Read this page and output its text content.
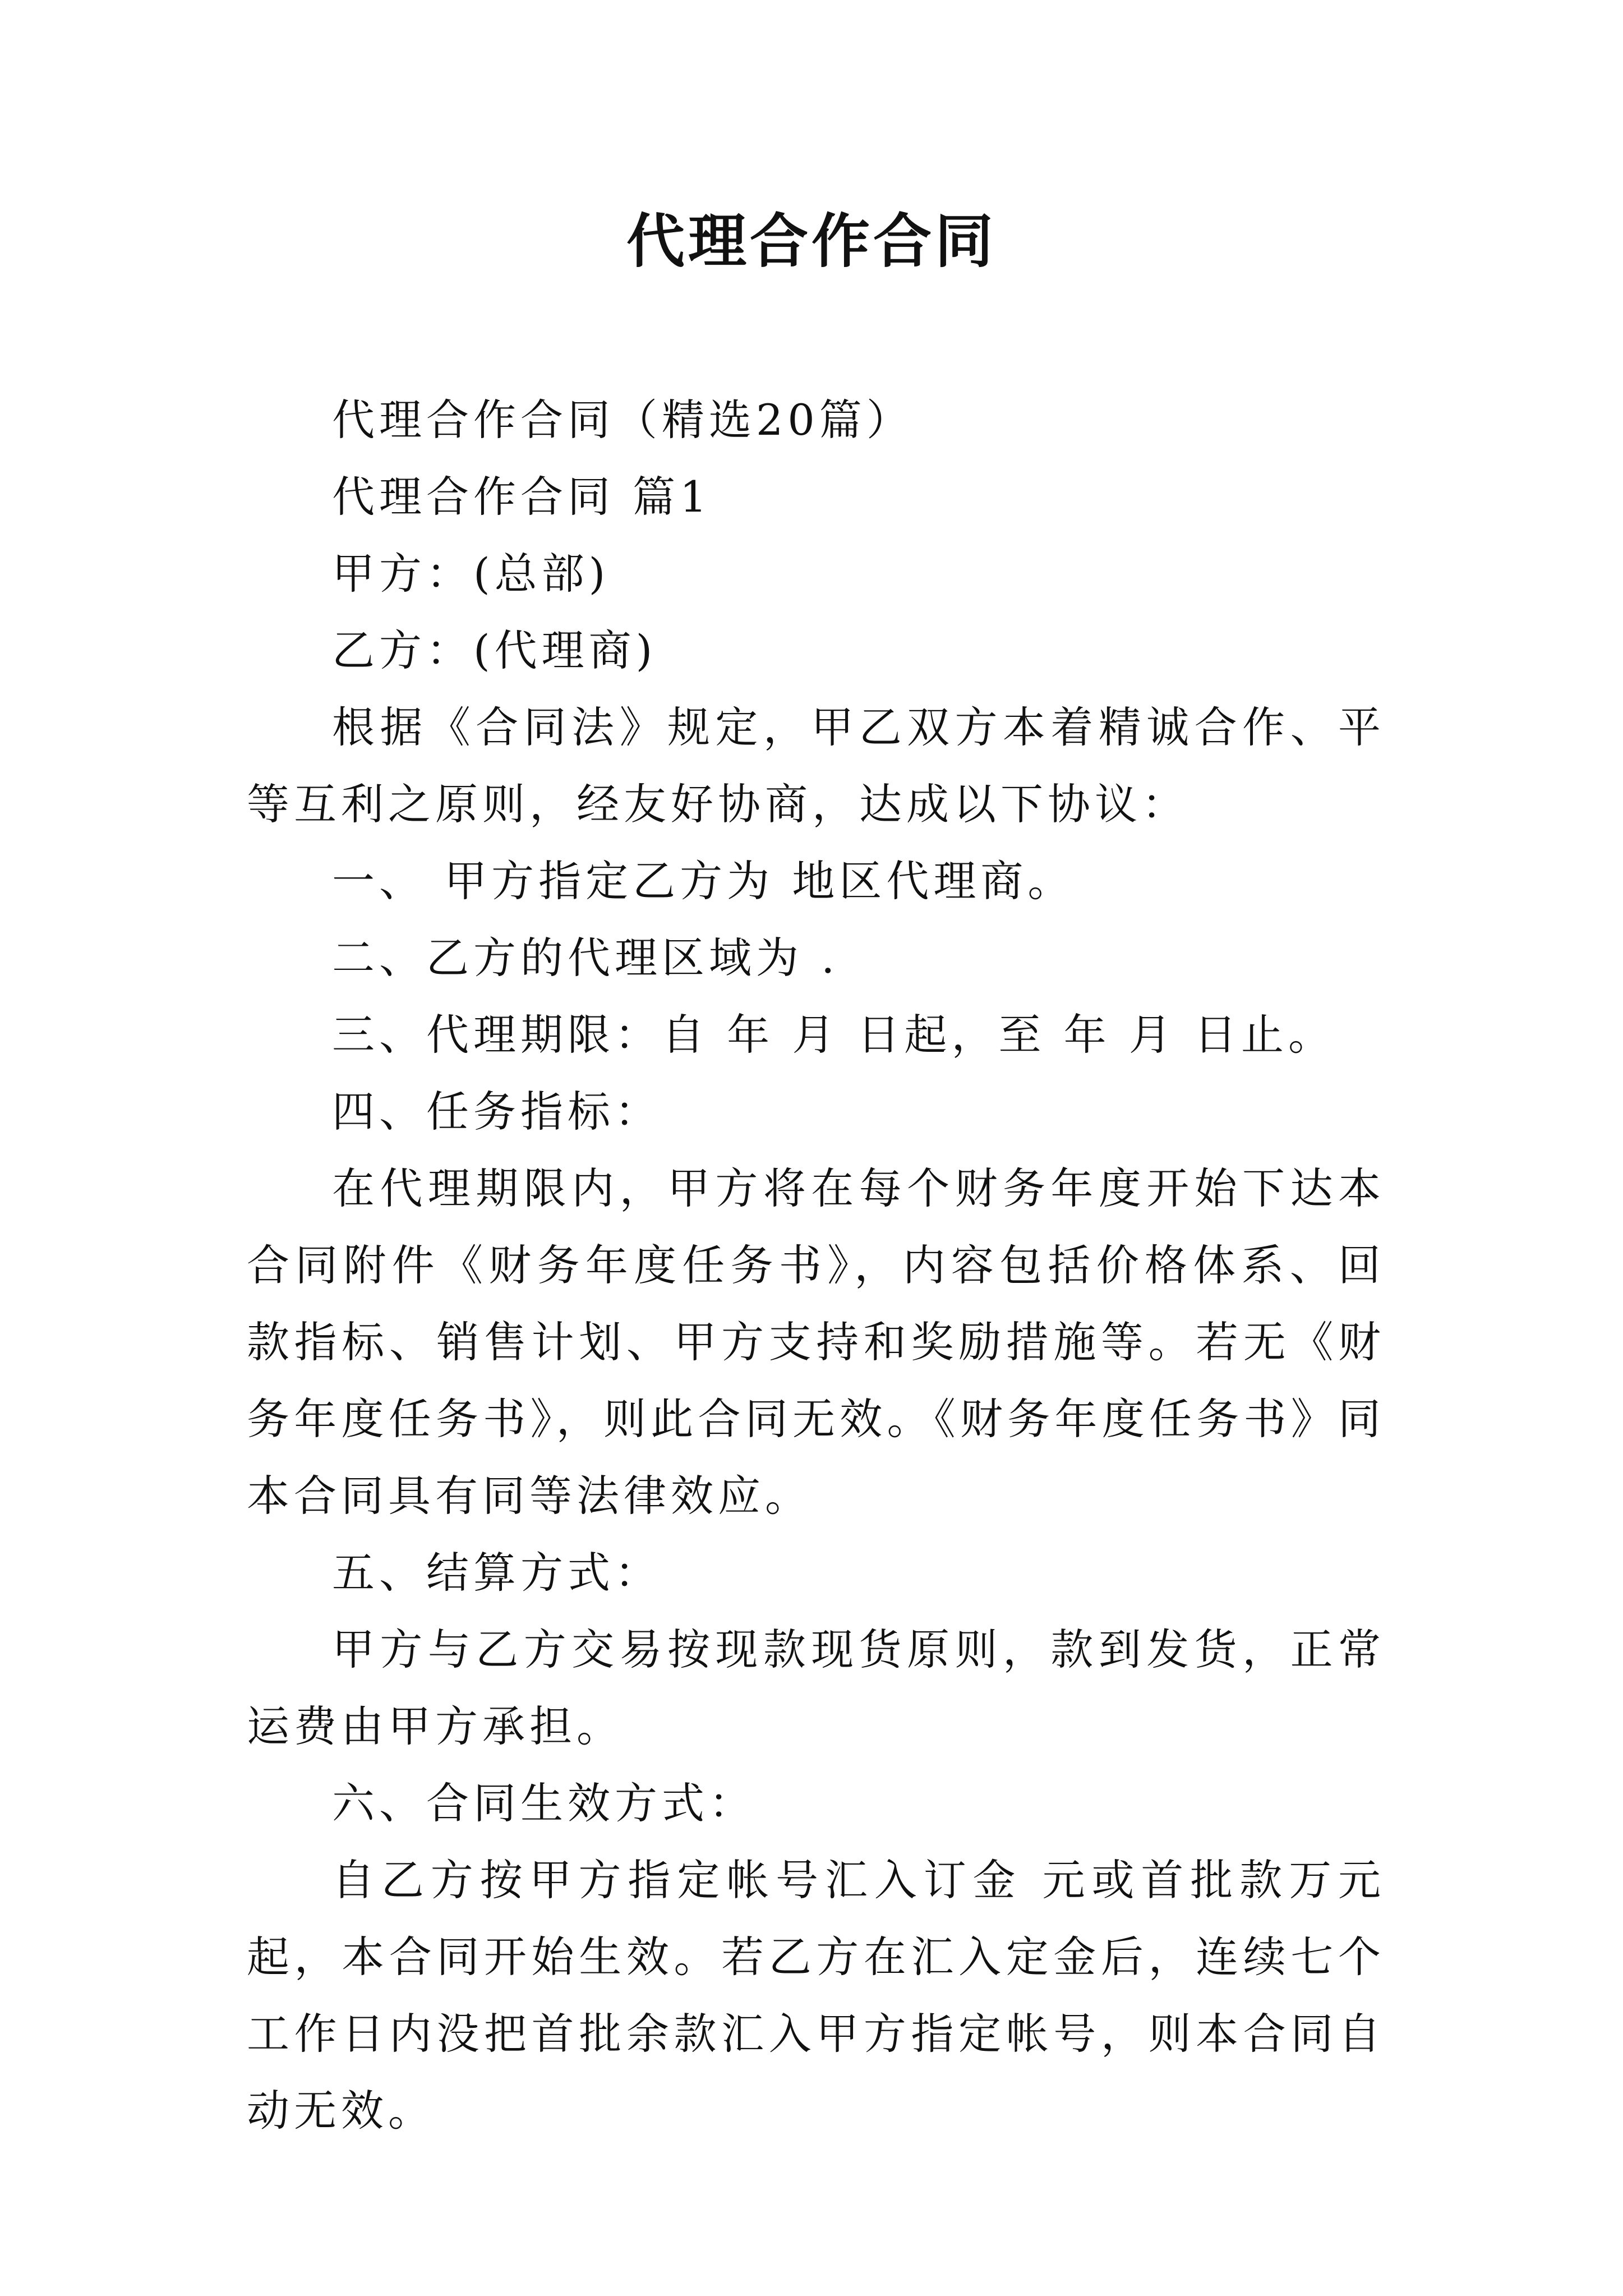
代理合作合同

代理合作合同（精选20篇）

代理合作合同 篇1

甲方：(总部)

乙方：(代理商)

根据《合同法》规定，甲乙双方本着精诚合作、平等互利之原则，经友好协商，达成以下协议：

一、 甲方指定乙方为 地区代理商。

二、乙方的代理区域为 .

三、代理期限：自 年 月 日起，至 年 月 日止。

四、任务指标：

在代理期限内，甲方将在每个财务年度开始下达本合同附件《财务年度任务书》，内容包括价格体系、回款指标、销售计划、甲方支持和奖励措施等。若无《财务年度任务书》，则此合同无效。《财务年度任务书》同本合同具有同等法律效应。

五、结算方式：

甲方与乙方交易按现款现货原则，款到发货，正常运费由甲方承担。

六、合同生效方式：

自乙方按甲方指定帐号汇入订金 元或首批款万元起，本合同开始生效。若乙方在汇入定金后，连续七个工作日内没把首批余款汇入甲方指定帐号，则本合同自动无效。
